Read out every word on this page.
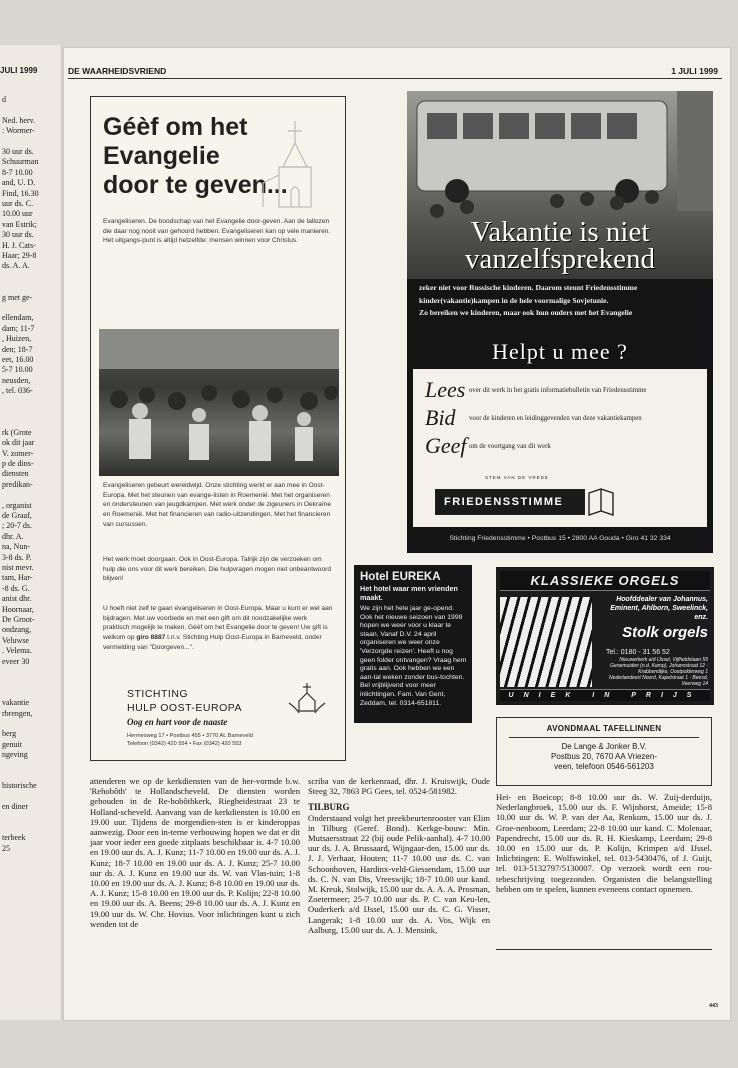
JULI 1999
d
Ned. herv.
: Wormer-
30 uur ds.
Schuurman
8-7 10.00
and, U. D.
Find, 16.30
uur ds. C.
10.00 uur
van Estrik;
30 uur ds.
H. J. Cats-
Haar; 29-8
ds. A. A.
g met ge-
ellendam,
dam; 11-7
, Huizen,
den; 18-7
eet, 16.00
5-7 10.00
neusden,
, tel. 036-
rk (Grote
ok dit jaar
V. zomer-
p de dins-
diensten
predikan-
, organist
de Graaf,
; 20-7 ds.
dhr. A.
na, Nun-
3-8 ds. P.
nist mevr.
tam, Har-
-8 ds. G.
anist dhr.
Hoornaar,
De Groot-
ondzang,
Veluwse
. Velema.
eveer 30
vakantie
rbrengen,
berg
genuit
ngeving
historische
en diner
terbeek
25
DE WAARHEIDSVRIEND	1 JULI 1999
Géèf om het
Evangelie
door te geven...
Evangeliseren. De boodschap van het Evangelie door-geven. Aan de tallozen die daar nog nooit van gehoord hebben. Evangeliseren kan op vele manieren. Het uitgangs-punt is altijd hetzelfde: mensen winnen voor Christus.
Evangeliseren gebeurt wereldwijd. Onze stichting werkt er aan mee in Oost-Europa. Met het steunen van evange-listen in Roemenië. Met het organiseren en ondersteunen van jeugdkampen. Met werk onder de zigeuners in Oekraïne en Roemenië. Met het financieren van radio-uitzendingen. Met het financieren van cursussen.
Het werk moet doorgaan. Ook in Oost-Europa. Talrijk zijn de verzoeken om hulp die ons voor dit werk bereiken. Die hulpvragen mogen niet onbeantwoord blijven!
U hoeft niet zelf te gaan evangeliseren in Oost-Europa. Maar u kunt er wel aan bijdragen. Met uw voorbede en met een gift om dit noodzakelijke werk praktisch mogelijk te maken. Géèf om het Evangelie door te geven! Uw gift is welkom op giro 8887 t.n.v. Stichting Hulp Oost-Europa in Barneveld, onder vermelding van "Doorgeven...".
STICHTING
HULP OOST-EUROPA
Oog en hart voor de naaste
Hermesweg 17 • Postbus 455 • 3770 AL Barneveld
Telefoon (0342) 420 554 • Fax (0342) 420 553
Vakantie is niet
vanzelfsprekend
zeker niet voor Russische kinderen. Daarom steunt Friedensstimme
kinder(vakantie)kampen in de hele voormalige Sovjetunie.
Zo bereiken we kinderen, maar ook hun ouders met het Evangelie
Helpt u mee ?
Lees over dit werk in het gratis informatiebulletin van Friedensstimme
Bid voor de kinderen en leidinggevenden van deze vakantiekampen
Geef om de voortgang van dit werk
STEM VAN DE VREDE
FRIEDENSSTIMME
Stichting Friedensstimme • Postbus 15 • 2800 AA Gouda • Giro 41 32 334
Hotel EUREKA
Het hotel waar men vrienden maakt.
We zijn het hele jaar ge-opend. Ook het nieuwe seizoen van 1999 hopen we weer voor u klaar te staan. Vanaf D.V. 24 april organiseren we weer onze 'Verzorgde reizen'. Heeft u nog geen folder ontvangen? Vraag hem gratis aan. Ook hebben we een aan-tal weken zonder bus-tochten. Bel vrijblijvend voor meer inlichtingen. Fam. Van Gent, Zeddam, tel. 0314-651811.
KLASSIEKE ORGELS
Hoofddealer van Johannus, Eminent, Ahlborn, Sweelinck, enz.
Stolk orgels
Tel.: 0180 - 31 56 52
Nieuwerkerk a/d IJssel, Vijfheldstaan 55
Genemuiden (n.d. Kamp), Johannstraat 12 · Krabbendijke, Oostpolderweg 1
Nederlandeert Noord, Kapelstraat 1 · Beesd, Veerweg 14
UNIEK IN PRIJS
AVONDMAAL TAFELLINNEN
De Lange & Jonker B.V.
Postbus 20, 7670 AA Vriezen-
veen, telefoon 0546-561203
attenderen we op de kerkdiensten van de her-vormde b.w. 'Rehobôth' te Hollandscheveld. De diensten worden gehouden in de Re-hobôthkerk, Riegheidestraat 23 te Holland-scheveld. Aanvang van de kerkdiensten is 10.00 en 19.00 uur. Tijdens de morgendien-sten is er kinderoppas aanwezig. Door een in-terne verbouwing hopen we dat er dit jaar voor ieder een goede zitplaats beschikbaar is. 4-7 10.00 en 19.00 uur ds. A. J. Kunz; 11-7 10.00 en 19.00 uur ds. A. J. Kunz; 18-7 10.00 en 19.00 uur ds. A. J. Kunz; 25-7 10.00 uur ds. A. J. Kunz en 19.00 uur ds. W. van Vlas-tuin; 1-8 10.00 en 19.00 uur ds. A. J. Kunz; 8-8 10.00 en 19.00 uur ds. A. J. Kunz; 15-8 10.00 en 19.00 uur ds. P. Kolijn; 22-8 10.00 en 19.00 uur ds. A. Beens; 29-8 10.00 uur ds. A. J. Kunz en 19.00 uur ds. W. Chr. Hovius. Voor inlichtingen kunt u zich wenden tot de
scriba van de kerkenraad, dhr. J. Kruiswijk, Oude Steeg 32, 7863 PG Gees, tel. 0524-581982.
TILBURG
Onderstaand volgt het preekbeurtenrooster van Elim in Tilburg (Geref. Bond). Kerkge-bouw: Min. Mutsaersstraat 22 (bij oude Pelik-aanhal). 4-7 10.00 uur ds. J. A. Brussaard, Wijngaar-den, 15.00 uur ds. J. J. Verhaar, Houten; 11-7 10.00 uur ds. C. van Schoonhoven, Hardinx-veld-Giessendam, 15.00 uur ds. C. N. van Dis, Vreeswijk; 18-7 10.00 uur kand. M. Kreuk, Stolwijk, 15.00 uur ds. A. A. A. Prosman, Zoetermeer; 25-7 10.00 uur ds. P. C. van Keu-len, Ouderkerk a/d IJssel, 15.00 uur ds. C. G. Visser, Langerak; 1-8 10.00 uur ds. A. Vos, Wijk en Aalburg, 15.00 uur ds. A. J. Mensink,
Hei- en Boeicop; 8-8 10.00 uur ds. W. Zuij-derduijn, Nederlangbroek, 15.00 uur ds. F. Wijnhorst, Ameide; 15-8 10.00 uur ds. W. P. van der Aa, Renkum, 15.00 uur ds. J. Groe-nenboom, Leerdam; 22-8 10.00 uur kand. C. Molenaar, Papendrecht, 15.00 uur ds. R. H. Kieskamp, Leerdam; 29-8 10.00 en 15.00 uur ds. P. Kolijn, Krimpen a/d IJssel. Inlichtingen: E. Wolfswinkel, tel. 013-5430476, of J. Guijt, tel. 013-5132797/5130007. Op verzoek wordt een rou-tebeschrijving toegezonden. Organisten die belangstelling hebben om te spelen, kunnen eveneens contact opnemen.
443
